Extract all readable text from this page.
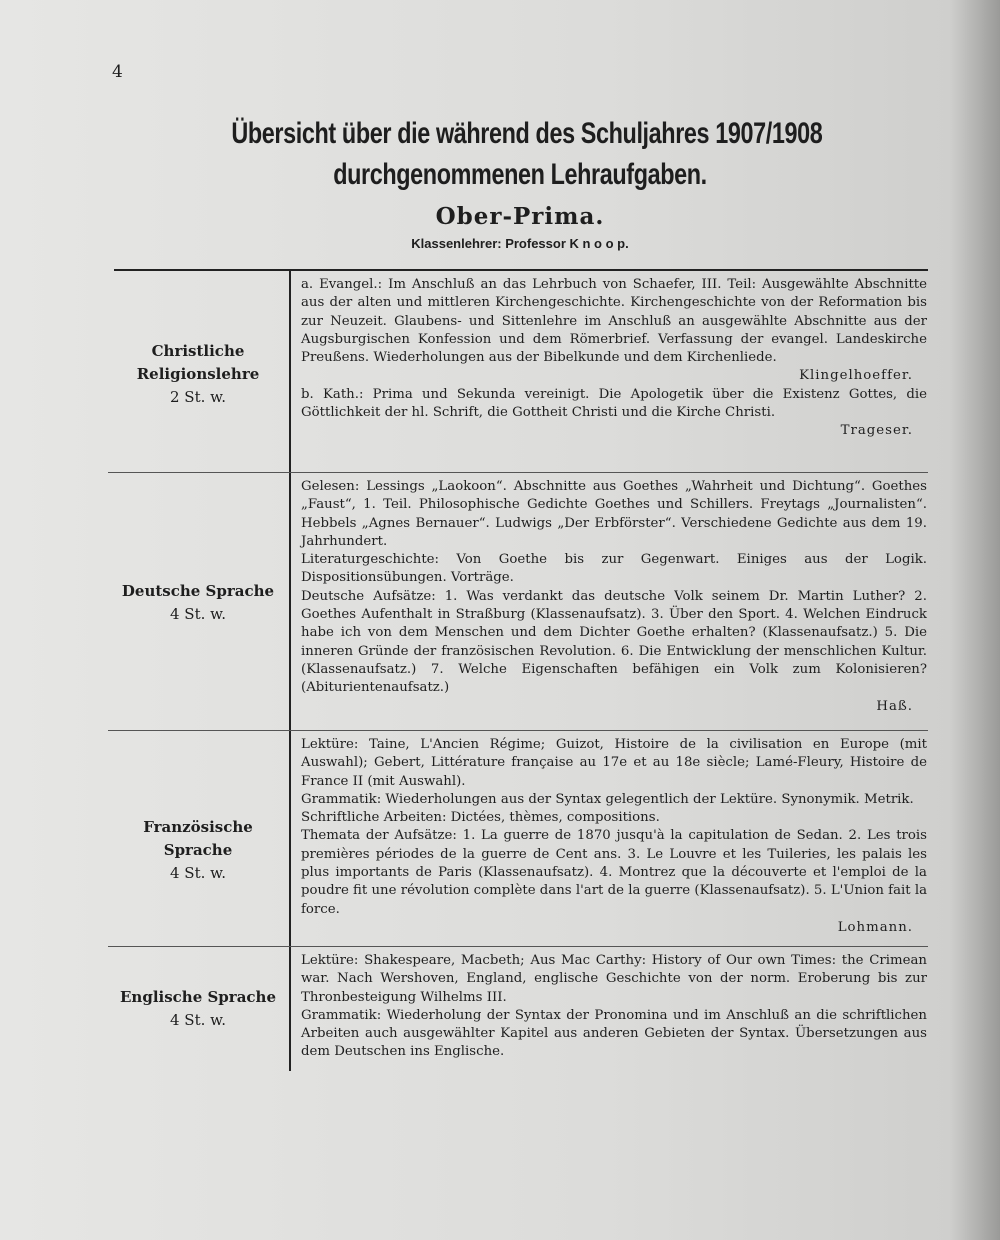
4
Übersicht über die während des Schuljahres 1907/1908
durchgenommenen Lehraufgaben.
Ober-Prima.
Klassenlehrer: Professor K n o o p.
Christliche
Religionslehre
2 St. w.

a. Evangel.: Im Anschluß an das Lehrbuch von Schaefer, III. Teil: Ausgewählte Abschnitte aus der alten und mittleren Kirchengeschichte. Kirchengeschichte von der Reformation bis zur Neuzeit. Glaubens- und Sittenlehre im Anschluß an ausgewählte Abschnitte aus der Augsburgischen Konfession und dem Römerbrief. Verfassung der evangel. Landeskirche Preußens. Wiederholungen aus der Bibelkunde und dem Kirchenliede.

Klingelhoeffer.

b. Kath.: Prima und Sekunda vereinigt. Die Apologetik über die Existenz Gottes, die Göttlichkeit der hl. Schrift, die Gottheit Christi und die Kirche Christi.

Trageser.

Deutsche Sprache
4 St. w.

Gelesen: Lessings „Laokoon“. Abschnitte aus Goethes „Wahrheit und Dichtung“. Goethes „Faust“, 1. Teil. Philosophische Gedichte Goethes und Schillers. Freytags „Journalisten“. Hebbels „Agnes Bernauer“. Ludwigs „Der Erbförster“. Verschiedene Gedichte aus dem 19. Jahrhundert.

Literaturgeschichte: Von Goethe bis zur Gegenwart. Einiges aus der Logik. Dispositionsübungen. Vorträge.

Deutsche Aufsätze: 1. Was verdankt das deutsche Volk seinem Dr. Martin Luther? 2. Goethes Aufenthalt in Straßburg (Klassenaufsatz). 3. Über den Sport. 4. Welchen Eindruck habe ich von dem Menschen und dem Dichter Goethe erhalten? (Klassenaufsatz.) 5. Die inneren Gründe der französischen Revolution. 6. Die Entwicklung der menschlichen Kultur. (Klassenaufsatz.) 7. Welche Eigenschaften befähigen ein Volk zum Kolonisieren? (Abiturientenaufsatz.)

Haß.

Französische Sprache
4 St. w.

Lektüre: Taine, L'Ancien Régime; Guizot, Histoire de la civilisation en Europe (mit Auswahl); Gebert, Littérature française au 17e et au 18e siècle; Lamé-Fleury, Histoire de France II (mit Auswahl).

Grammatik: Wiederholungen aus der Syntax gelegentlich der Lektüre. Synonymik. Metrik.

Schriftliche Arbeiten: Dictées, thèmes, compositions.

Themata der Aufsätze: 1. La guerre de 1870 jusqu'à la capitulation de Sedan. 2. Les trois premières périodes de la guerre de Cent ans. 3. Le Louvre et les Tuileries, les palais les plus importants de Paris (Klassenaufsatz). 4. Montrez que la découverte et l'emploi de la poudre fit une révolution complète dans l'art de la guerre (Klassenaufsatz). 5. L'Union fait la force.

Lohmann.

Englische Sprache
4 St. w.

Lektüre: Shakespeare, Macbeth; Aus Mac Carthy: History of Our own Times: the Crimean war. Nach Wershoven, England, englische Geschichte von der norm. Eroberung bis zur Thronbesteigung Wilhelms III.

Grammatik: Wiederholung der Syntax der Pronomina und im Anschluß an die schriftlichen Arbeiten auch ausgewählter Kapitel aus anderen Gebieten der Syntax. Übersetzungen aus dem Deutschen ins Englische.
